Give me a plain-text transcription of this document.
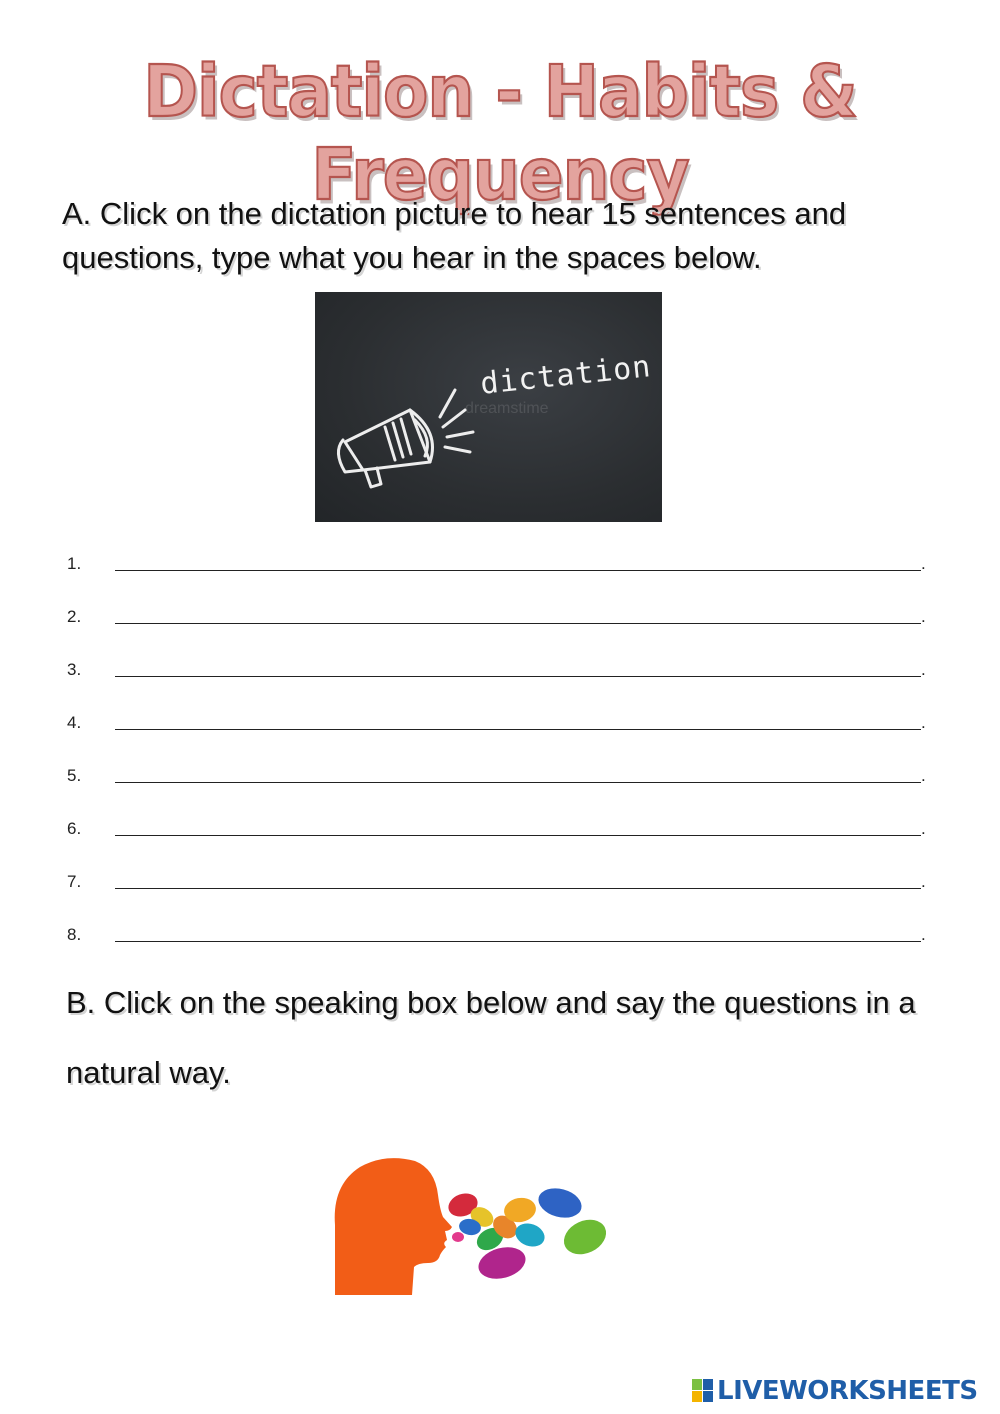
Dictation - Habits & Frequency
A. Click on the dictation picture to hear 15 sentences and questions, type what you hear in the spaces below.
dreamstime
dictation
1.	.
2.	.
3.	.
4.	.
5.	.
6.	.
7.	.
8.	.
B. Click on the speaking box below and say the questions in a natural way.
LIVEWORKSHEETS
